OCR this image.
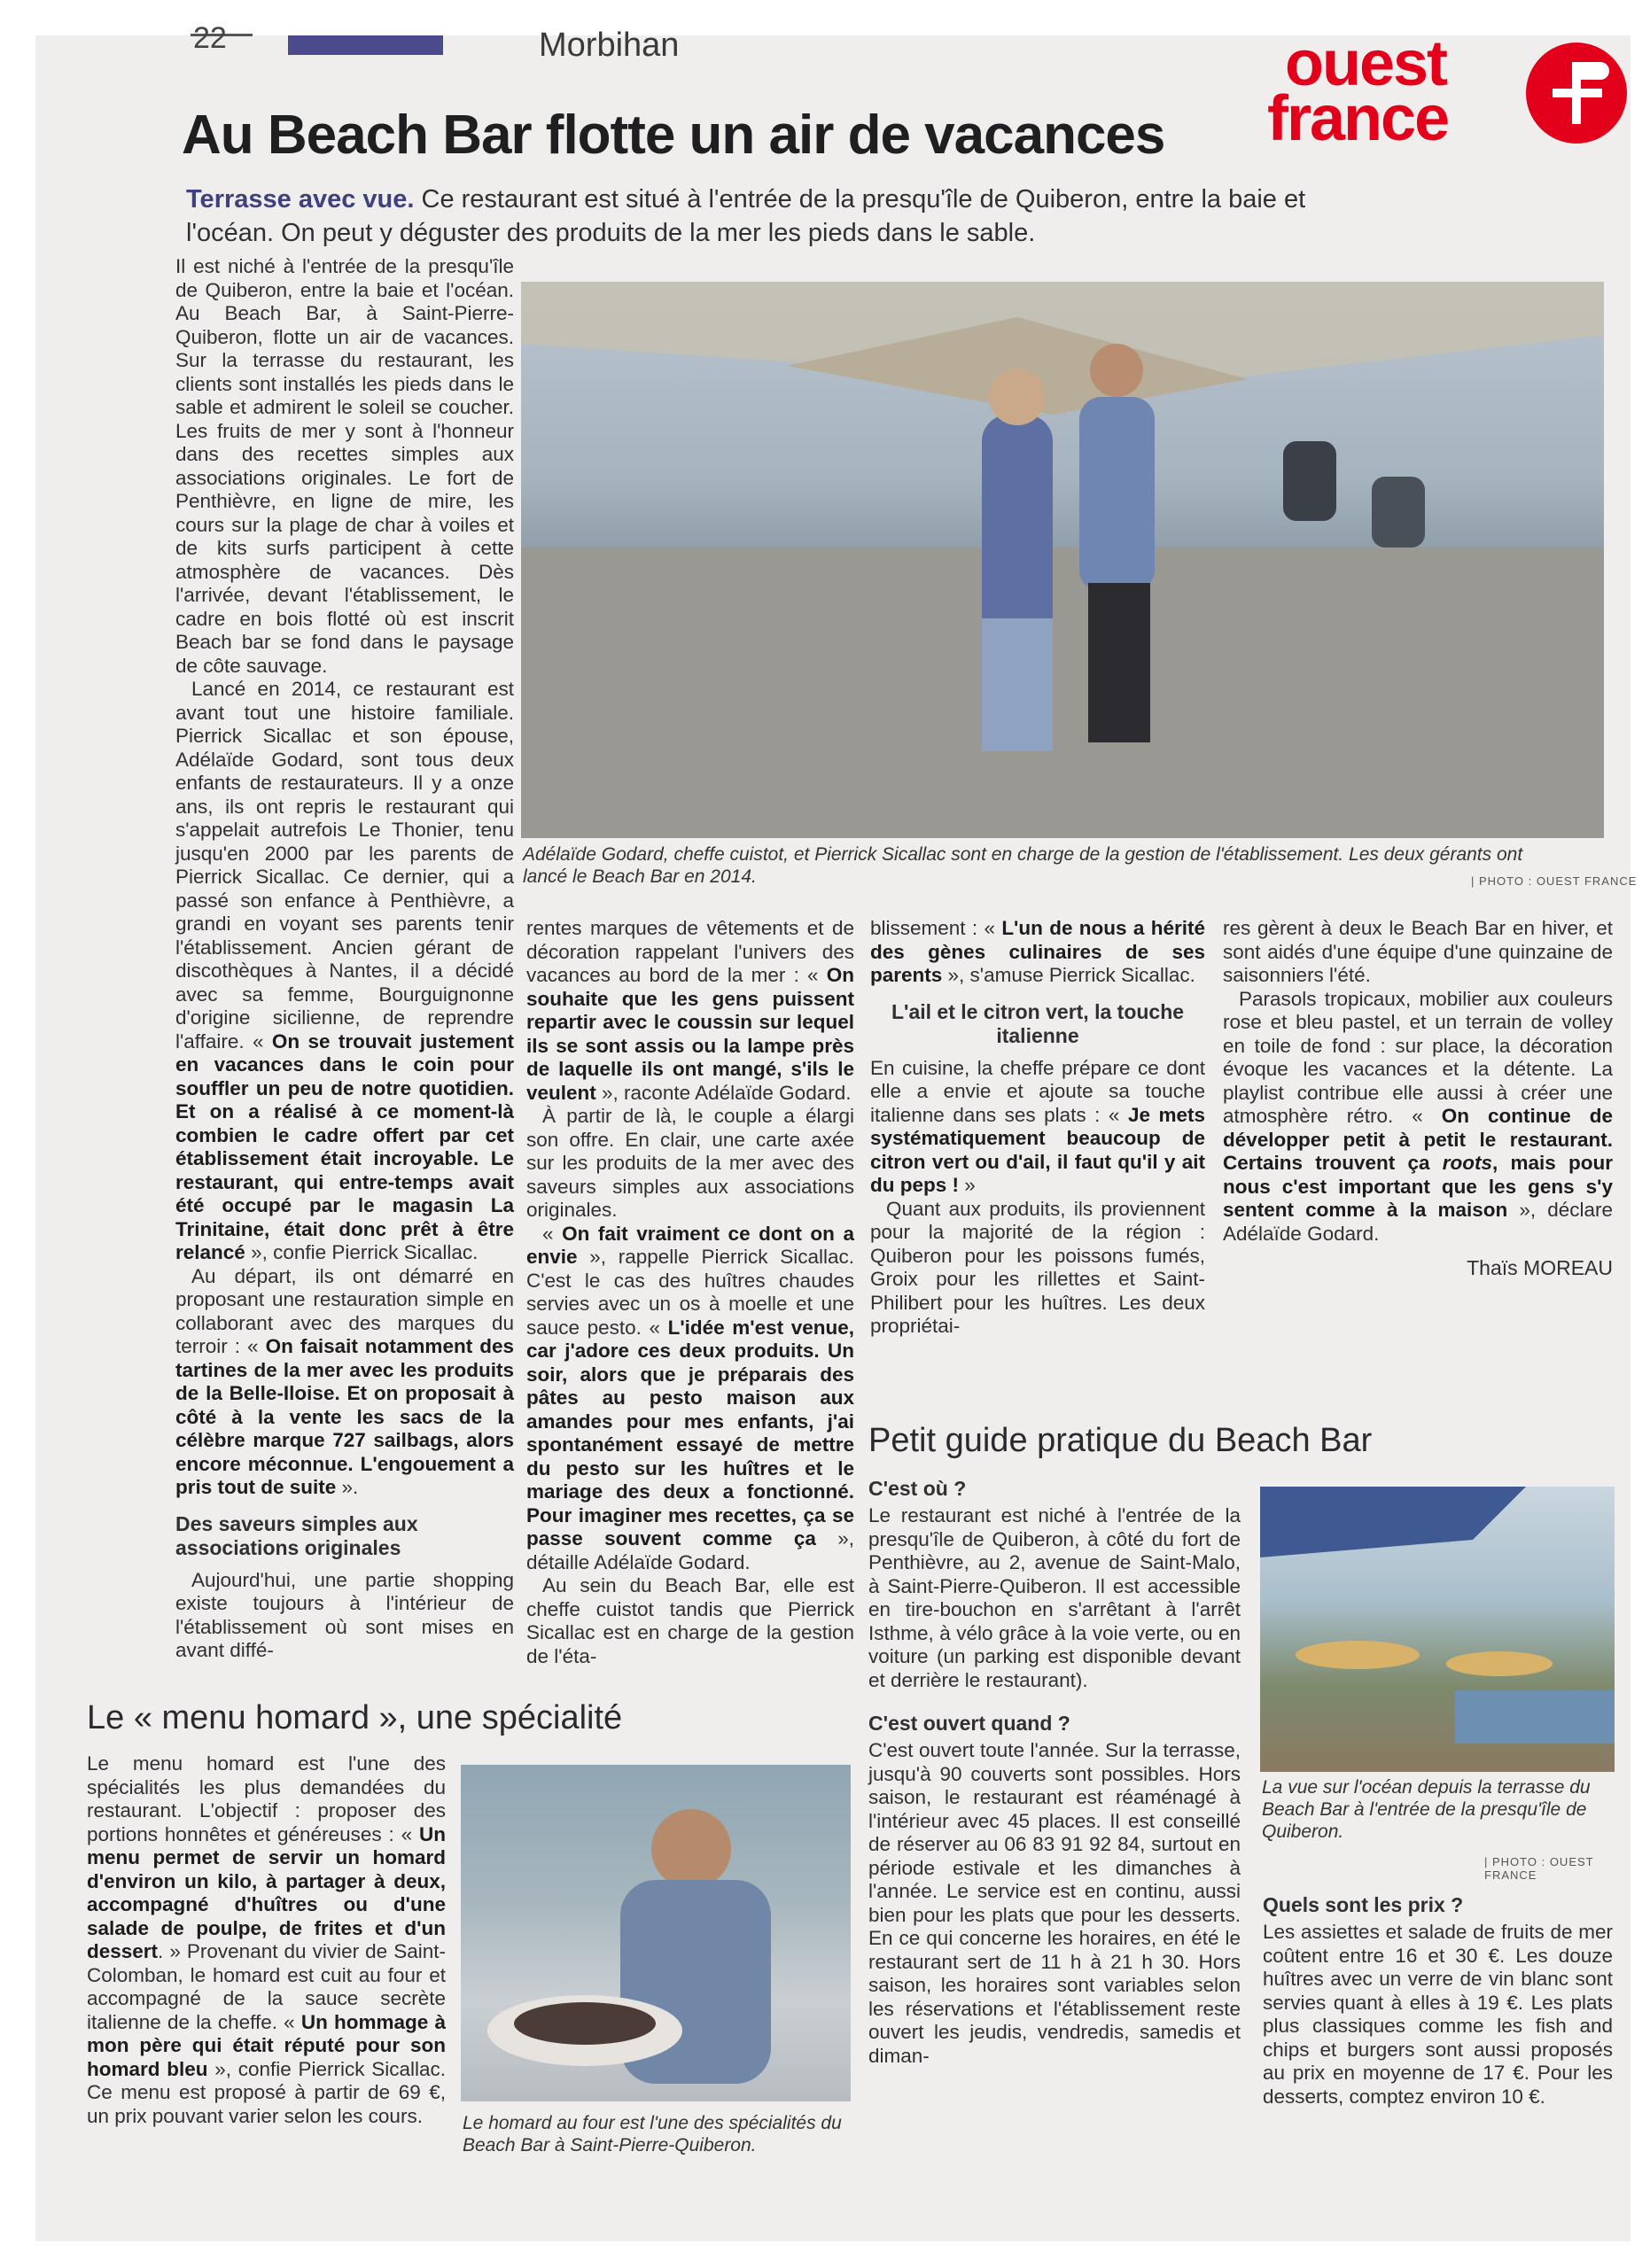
22	Morbihan	ouest
france
Au Beach Bar flotte un air de vacances
Terrasse avec vue. Ce restaurant est situé à l'entrée de la presqu'île de Quiberon, entre la baie et l'océan. On peut y déguster des produits de la mer les pieds dans le sable.
Adélaïde Godard, cheffe cuistot, et Pierrick Sicallac sont en charge de la gestion de l'établissement. Les deux gérants ont lancé le Beach Bar en 2014.	| PHOTO : OUEST FRANCE

Il est niché à l'entrée de la presqu'île de Quiberon, entre la baie et l'océan. Au Beach Bar, à Saint-Pierre-Quiberon, flotte un air de vacances. Sur la terrasse du restaurant, les clients sont installés les pieds dans le sable et admirent le soleil se coucher. Les fruits de mer y sont à l'honneur dans des recettes simples aux associations originales. Le fort de Penthièvre, en ligne de mire, les cours sur la plage de char à voiles et de kits surfs participent à cette atmosphère de vacances. Dès l'arrivée, devant l'établissement, le cadre en bois flotté où est inscrit Beach bar se fond dans le paysage de côte sauvage.

Lancé en 2014, ce restaurant est avant tout une histoire familiale. Pierrick Sicallac et son épouse, Adélaïde Godard, sont tous deux enfants de restaurateurs. Il y a onze ans, ils ont repris le restaurant qui s'appelait autrefois Le Thonier, tenu jusqu'en 2000 par les parents de Pierrick Sicallac. Ce dernier, qui a passé son enfance à Penthièvre, a grandi en voyant ses parents tenir l'établissement. Ancien gérant de discothèques à Nantes, il a décidé avec sa femme, Bourguignonne d'origine sicilienne, de reprendre l'affaire. « On se trouvait justement en vacances dans le coin pour souffler un peu de notre quotidien. Et on a réalisé à ce moment-là combien le cadre offert par cet établissement était incroyable. Le restaurant, qui entre-temps avait été occupé par le magasin La Trinitaine, était donc prêt à être relancé », confie Pierrick Sicallac.

Au départ, ils ont démarré en proposant une restauration simple en collaborant avec des marques du terroir : « On faisait notamment des tartines de la mer avec les produits de la Belle-Iloise. Et on proposait à côté à la vente les sacs de la célèbre marque 727 sailbags, alors encore méconnue. L'engouement a pris tout de suite ».

Des saveurs simples aux associations originales

Aujourd'hui, une partie shopping existe toujours à l'intérieur de l'établissement où sont mises en avant diffé-

rentes marques de vêtements et de décoration rappelant l'univers des vacances au bord de la mer : « On souhaite que les gens puissent repartir avec le coussin sur lequel ils se sont assis ou la lampe près de laquelle ils ont mangé, s'ils le veulent », raconte Adélaïde Godard.

À partir de là, le couple a élargi son offre. En clair, une carte axée sur les produits de la mer avec des saveurs simples aux associations originales.

« On fait vraiment ce dont on a envie », rappelle Pierrick Sicallac. C'est le cas des huîtres chaudes servies avec un os à moelle et une sauce pesto. « L'idée m'est venue, car j'adore ces deux produits. Un soir, alors que je préparais des pâtes au pesto maison aux amandes pour mes enfants, j'ai spontanément essayé de mettre du pesto sur les huîtres et le mariage des deux a fonctionné. Pour imaginer mes recettes, ça se passe souvent comme ça », détaille Adélaïde Godard.

Au sein du Beach Bar, elle est cheffe cuistot tandis que Pierrick Sicallac est en charge de la gestion de l'éta-

blissement : « L'un de nous a hérité des gènes culinaires de ses parents », s'amuse Pierrick Sicallac.

L'ail et le citron vert, la touche italienne

En cuisine, la cheffe prépare ce dont elle a envie et ajoute sa touche italienne dans ses plats : « Je mets systématiquement beaucoup de citron vert ou d'ail, il faut qu'il y ait du peps ! »

Quant aux produits, ils proviennent pour la majorité de la région : Quiberon pour les poissons fumés, Groix pour les rillettes et Saint-Philibert pour les huîtres. Les deux propriétai-

res gèrent à deux le Beach Bar en hiver, et sont aidés d'une équipe d'une quinzaine de saisonniers l'été.

Parasols tropicaux, mobilier aux couleurs rose et bleu pastel, et un terrain de volley en toile de fond : sur place, la décoration évoque les vacances et la détente. La playlist contribue elle aussi à créer une atmosphère rétro. « On continue de développer petit à petit le restaurant. Certains trouvent ça roots, mais pour nous c'est important que les gens s'y sentent comme à la maison », déclare Adélaïde Godard.

Thaïs MOREAU
Petit guide pratique du Beach Bar
C'est où ?

Le restaurant est niché à l'entrée de la presqu'île de Quiberon, à côté du fort de Penthièvre, au 2, avenue de Saint-Malo, à Saint-Pierre-Quiberon. Il est accessible en tire-bouchon en s'arrêtant à l'arrêt Isthme, à vélo grâce à la voie verte, ou en voiture (un parking est disponible devant et derrière le restaurant).

C'est ouvert quand ?

C'est ouvert toute l'année. Sur la terrasse, jusqu'à 90 couverts sont possibles. Hors saison, le restaurant est réaménagé à l'intérieur avec 45 places. Il est conseillé de réserver au 06 83 91 92 84, surtout en période estivale et les dimanches à l'année. Le service est en continu, aussi bien pour les plats que pour les desserts. En ce qui concerne les horaires, en été le restaurant sert de 11 h à 21 h 30. Hors saison, les horaires sont variables selon les réservations et l'établissement reste ouvert les jeudis, vendredis, samedis et diman-

La vue sur l'océan depuis la terrasse du Beach Bar à l'entrée de la presqu'île de Quiberon.
| PHOTO : OUEST FRANCE
Quels sont les prix ?

Les assiettes et salade de fruits de mer coûtent entre 16 et 30 €. Les douze huîtres avec un verre de vin blanc sont servies quant à elles à 19 €. Les plats plus classiques comme les fish and chips et burgers sont aussi proposés au prix en moyenne de 17 €. Pour les desserts, comptez environ 10 €.

Le « menu homard », une spécialité

Le menu homard est l'une des spécialités les plus demandées du restaurant. L'objectif : proposer des portions honnêtes et généreuses : « Un menu permet de servir un homard d'environ un kilo, à partager à deux, accompagné d'huîtres ou d'une salade de poulpe, de frites et d'un dessert. » Provenant du vivier de Saint-Colomban, le homard est cuit au four et accompagné de la sauce secrète italienne de la cheffe. « Un hommage à mon père qui était réputé pour son homard bleu », confie Pierrick Sicallac. Ce menu est proposé à partir de 69 €, un prix pouvant varier selon les cours.	Le homard au four est l'une des spécialités du Beach Bar à Saint-Pierre-Quiberon.
